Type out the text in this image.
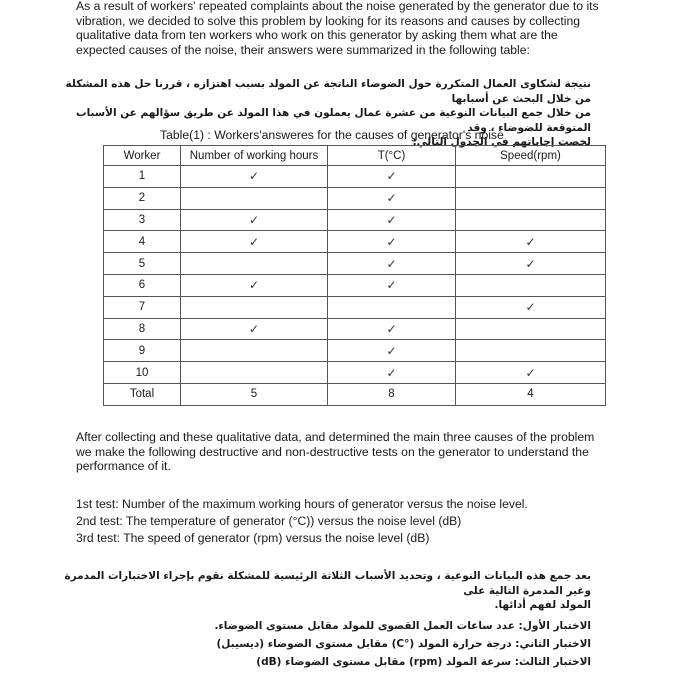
As a result of workers' repeated complaints about the noise generated by the generator due to its vibration, we decided to solve this problem by looking for its reasons and causes by collecting qualitative data from ten workers who work on this generator by asking them what are the expected causes of the noise, their answers were summarized in the following table:
نتيجة لشكاوى العمال المتكررة حول الضوضاء الناتجة عن المولد بسبب اهتزازه ، قررنا حل هذه المشكلة من خلال البحث عن أسبابها
من خلال جمع البيانات النوعية من عشرة عمال يعملون في هذا المولد عن طريق سؤالهم عن الأسباب المتوقعة للضوضاء ، وقد
لخصت إجاباتهم في الجدول التالي:
Table(1) : Workers'answeres for the causes of generator's noise
Worker	Number of working hours	T(°C)	Speed(rpm)
1	✓	✓	
2		✓	
3	✓	✓	
4	✓	✓	✓
5		✓	✓
6	✓	✓	
7			✓
8	✓	✓	
9		✓	
10		✓	✓
Total	5	8	4
After collecting and these qualitative data, and determined the main three causes of the problem we make the following destructive and non-destructive tests on the generator to understand the performance of it.
1st test: Number of the maximum working hours of generator versus the noise level.
2nd test: The temperature of generator (°C)) versus the noise level (dB)
3rd test: The speed of generator (rpm) versus the noise level (dB)
بعد جمع هذه البيانات النوعية ، وتحديد الأسباب الثلاثة الرئيسية للمشكلة نقوم بإجراء الاختبارات المدمرة وغير المدمرة التالية على
المولد لفهم أدائها.
الاختبار الأول: عدد ساعات العمل القصوى للمولد مقابل مستوى الضوضاء.
الاختبار الثاني: درجة حرارة المولد (°C) مقابل مستوى الضوضاء (ديسيبل)
الاختبار الثالث: سرعة المولد (rpm) مقابل مستوى الضوضاء (dB)
